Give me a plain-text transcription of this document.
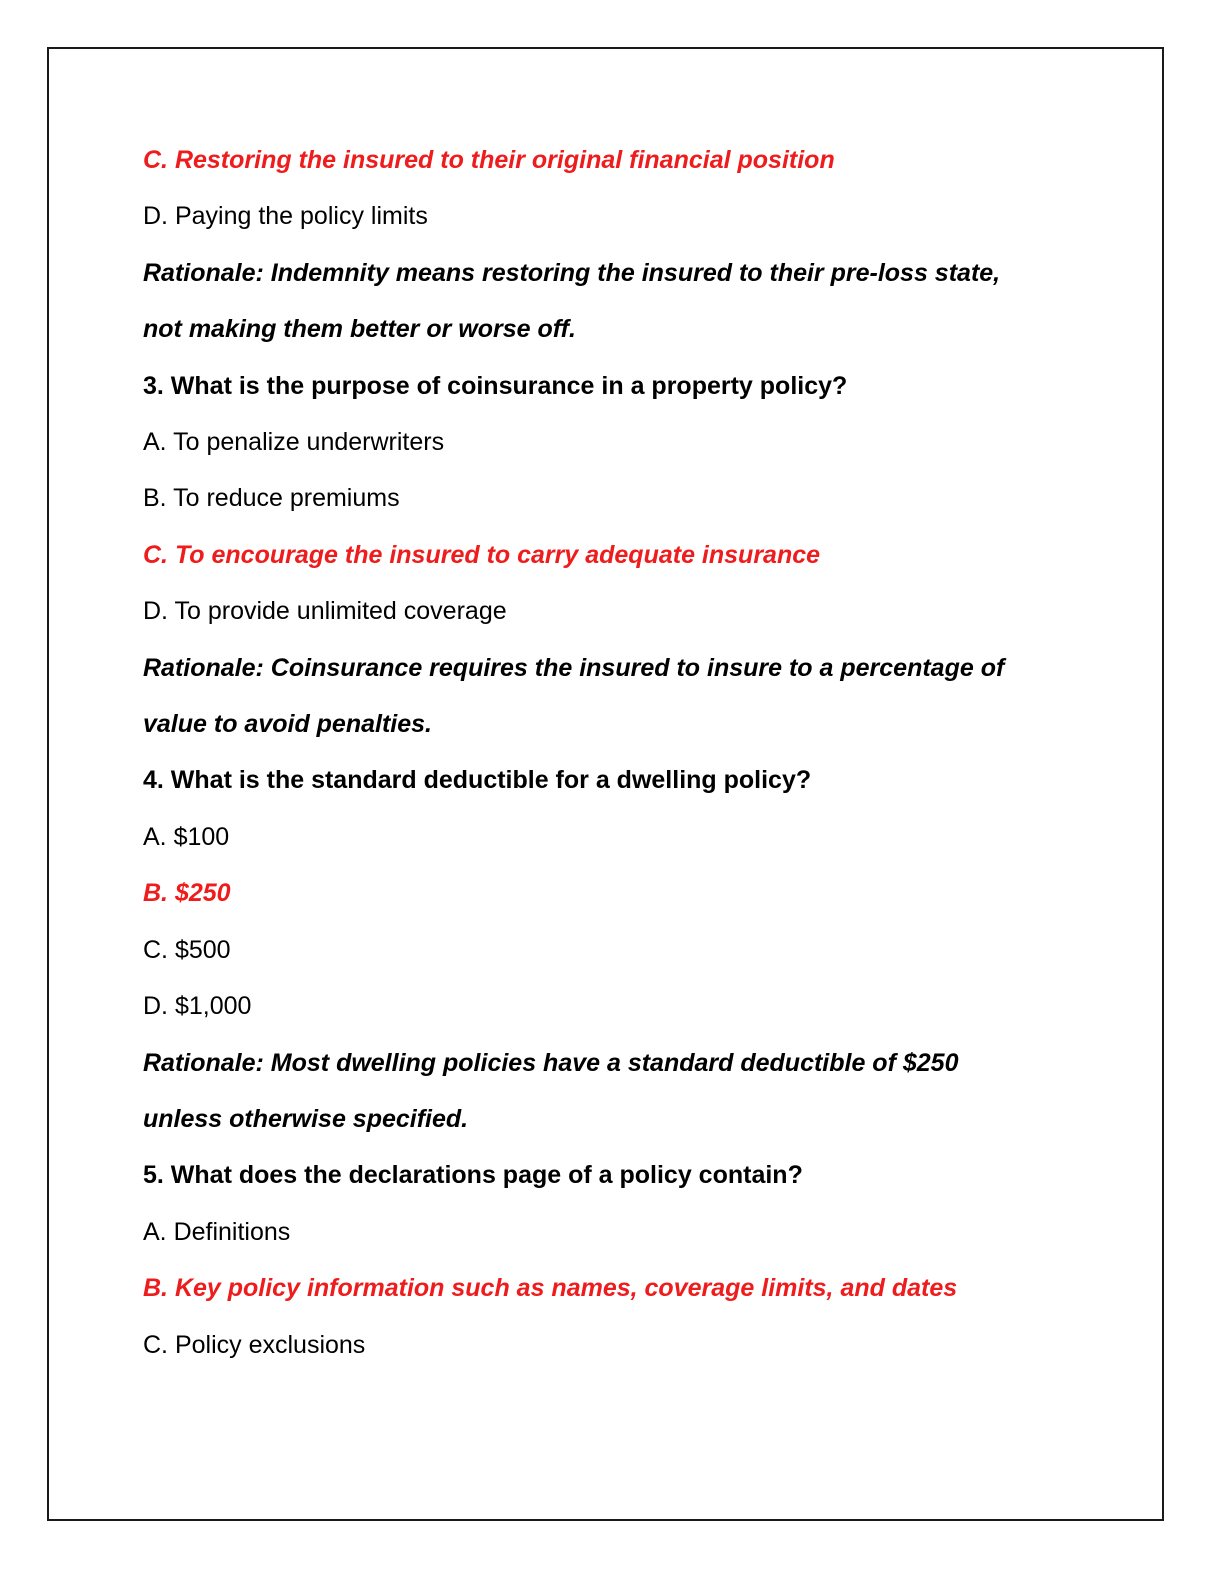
C. Restoring the insured to their original financial position
D. Paying the policy limits
Rationale: Indemnity means restoring the insured to their pre-loss state,
not making them better or worse off.
3. What is the purpose of coinsurance in a property policy?
A. To penalize underwriters
B. To reduce premiums
C. To encourage the insured to carry adequate insurance
D. To provide unlimited coverage
Rationale: Coinsurance requires the insured to insure to a percentage of
value to avoid penalties.
4. What is the standard deductible for a dwelling policy?
A. $100
B. $250
C. $500
D. $1,000
Rationale: Most dwelling policies have a standard deductible of $250
unless otherwise specified.
5. What does the declarations page of a policy contain?
A. Definitions
B. Key policy information such as names, coverage limits, and dates
C. Policy exclusions
